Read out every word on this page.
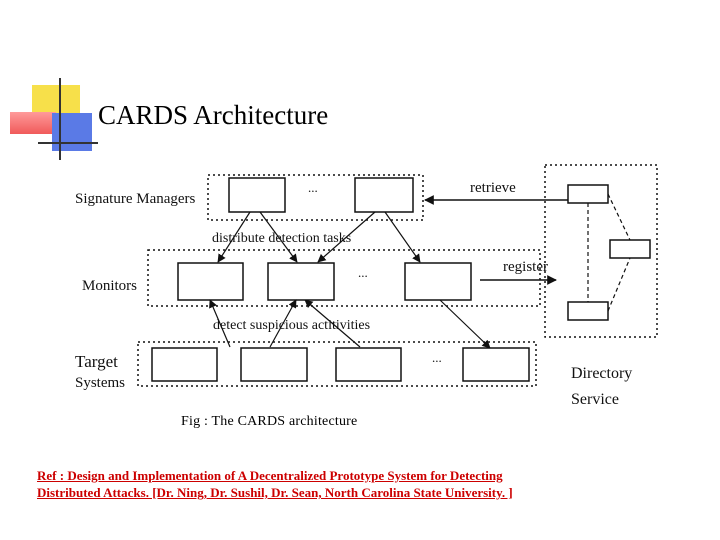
CARDS Architecture
...
...
...
Signature Managers
Monitors
Target
Systems
distribute detection tasks
detect suspicious actitivities
retrieve
register
Directory
Service
Fig : The CARDS architecture
Ref : Design and Implementation of A Decentralized Prototype System for Detecting
Distributed Attacks. [Dr. Ning, Dr. Sushil, Dr. Sean, North Carolina State University. ]
